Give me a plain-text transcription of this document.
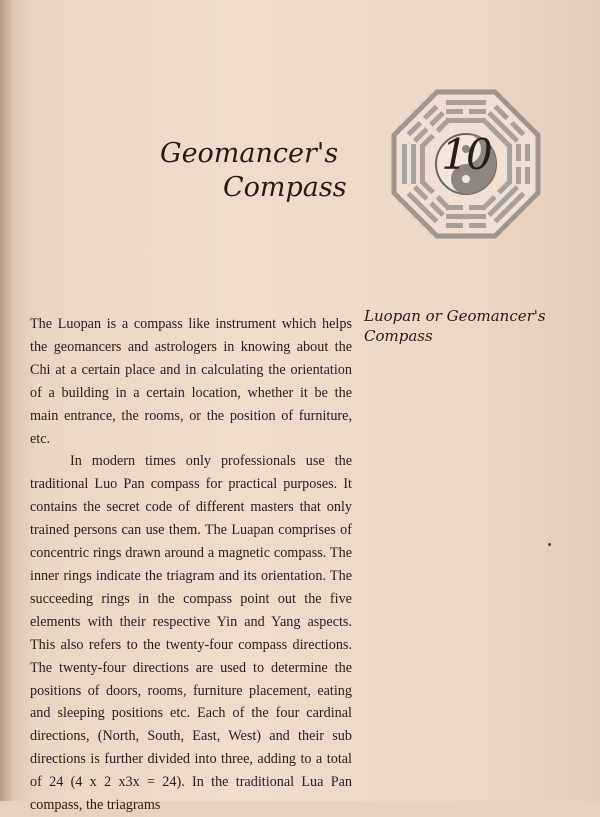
10
Geomancer's
Compass
Luopan or Geomancer's Compass

The Luopan is a compass like instrument which helps the geomancers and astrologers in knowing about the Chi at a certain place and in calculating the orientation of a building in a certain location, whether it be the main entrance, the rooms, or the position of furniture, etc.

In modern times only professionals use the traditional Luo Pan compass for practical purposes. It contains the secret code of different masters that only trained persons can use them. The Luapan comprises of concentric rings drawn around a magnetic compass. The inner rings indicate the triagram and its orientation. The succeeding rings in the compass point out the five elements with their respective Yin and Yang aspects. This also refers to the twenty-four compass directions. The twenty-four directions are used to determine the positions of doors, rooms, furniture placement, eating and sleeping positions etc. Each of the four cardinal directions, (North, South, East, West) and their sub directions is further divided into three, adding to a total of 24 (4 x 2 x3x = 24). In the traditional Lua Pan compass, the triagrams
